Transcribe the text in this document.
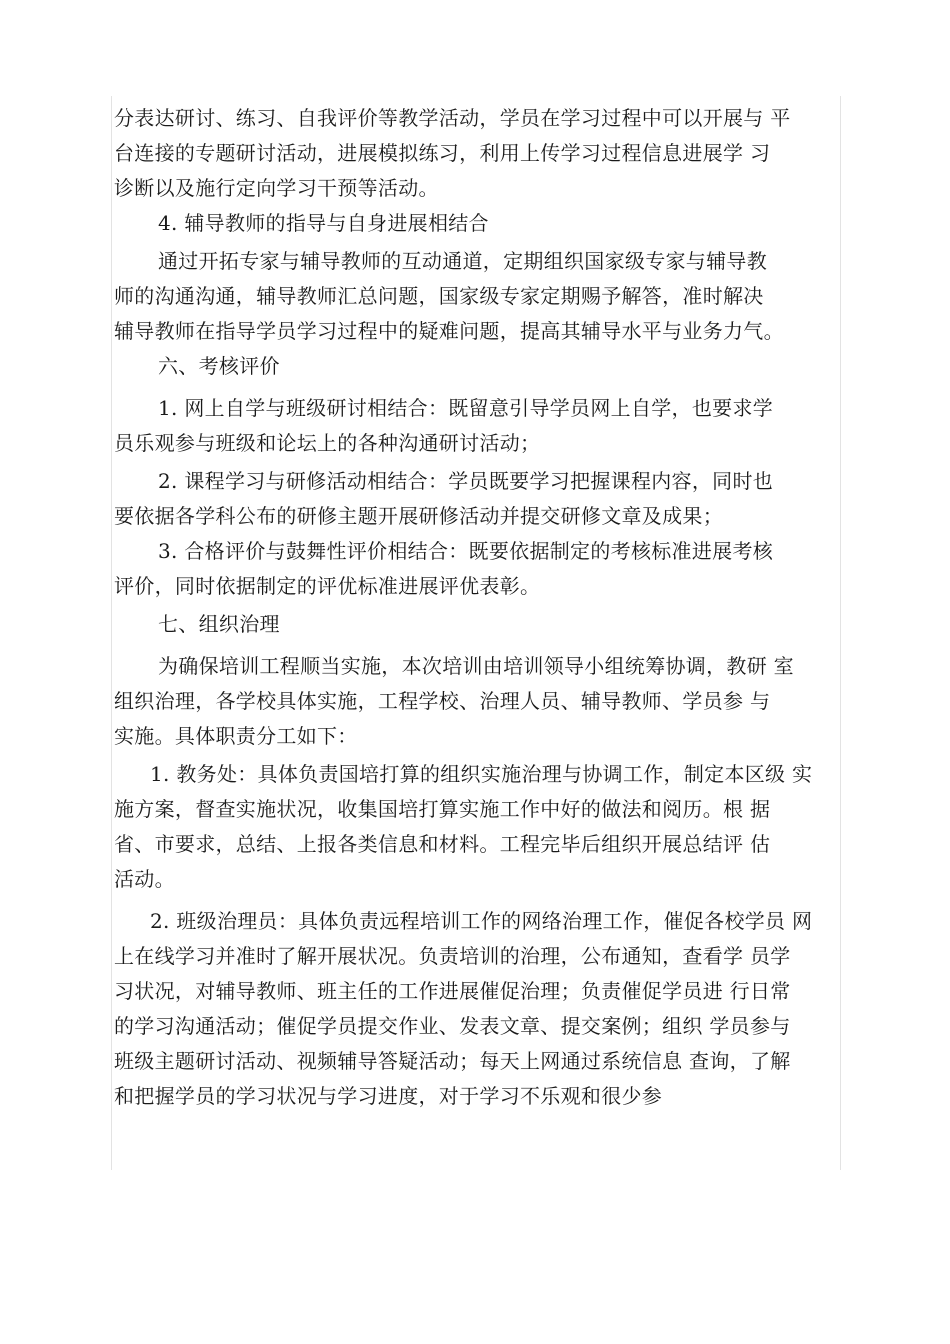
分表达研讨、练习、自我评价等教学活动，学员在学习过程中可以开展与 平
台连接的专题研讨活动，进展模拟练习，利用上传学习过程信息进展学 习
诊断以及施行定向学习干预等活动。
4. 辅导教师的指导与自身进展相结合
通过开拓专家与辅导教师的互动通道，定期组织国家级专家与辅导教
师的沟通沟通，辅导教师汇总问题，国家级专家定期赐予解答，准时解决
辅导教师在指导学员学习过程中的疑难问题，提高其辅导水平与业务力气。
六、考核评价
1. 网上自学与班级研讨相结合：既留意引导学员网上自学，也要求学
员乐观参与班级和论坛上的各种沟通研讨活动；
2. 课程学习与研修活动相结合：学员既要学习把握课程内容，同时也
要依据各学科公布的研修主题开展研修活动并提交研修文章及成果；
3. 合格评价与鼓舞性评价相结合：既要依据制定的考核标准进展考核
评价，同时依据制定的评优标准进展评优表彰。
七、组织治理
为确保培训工程顺当实施，本次培训由培训领导小组统筹协调，教研 室
组织治理，各学校具体实施，工程学校、治理人员、辅导教师、学员参 与
实施。具体职责分工如下：
1. 教务处：具体负责国培打算的组织实施治理与协调工作，制定本区级 实
施方案，督查实施状况，收集国培打算实施工作中好的做法和阅历。根 据
省、市要求，总结、上报各类信息和材料。工程完毕后组织开展总结评 估
活动。
2. 班级治理员：具体负责远程培训工作的网络治理工作，催促各校学员 网
上在线学习并准时了解开展状况。负责培训的治理，公布通知，查看学 员学
习状况，对辅导教师、班主任的工作进展催促治理；负责催促学员进 行日常
的学习沟通活动；催促学员提交作业、发表文章、提交案例；组织 学员参与
班级主题研讨活动、视频辅导答疑活动；每天上网通过系统信息 查询，了解
和把握学员的学习状况与学习进度，对于学习不乐观和很少参
